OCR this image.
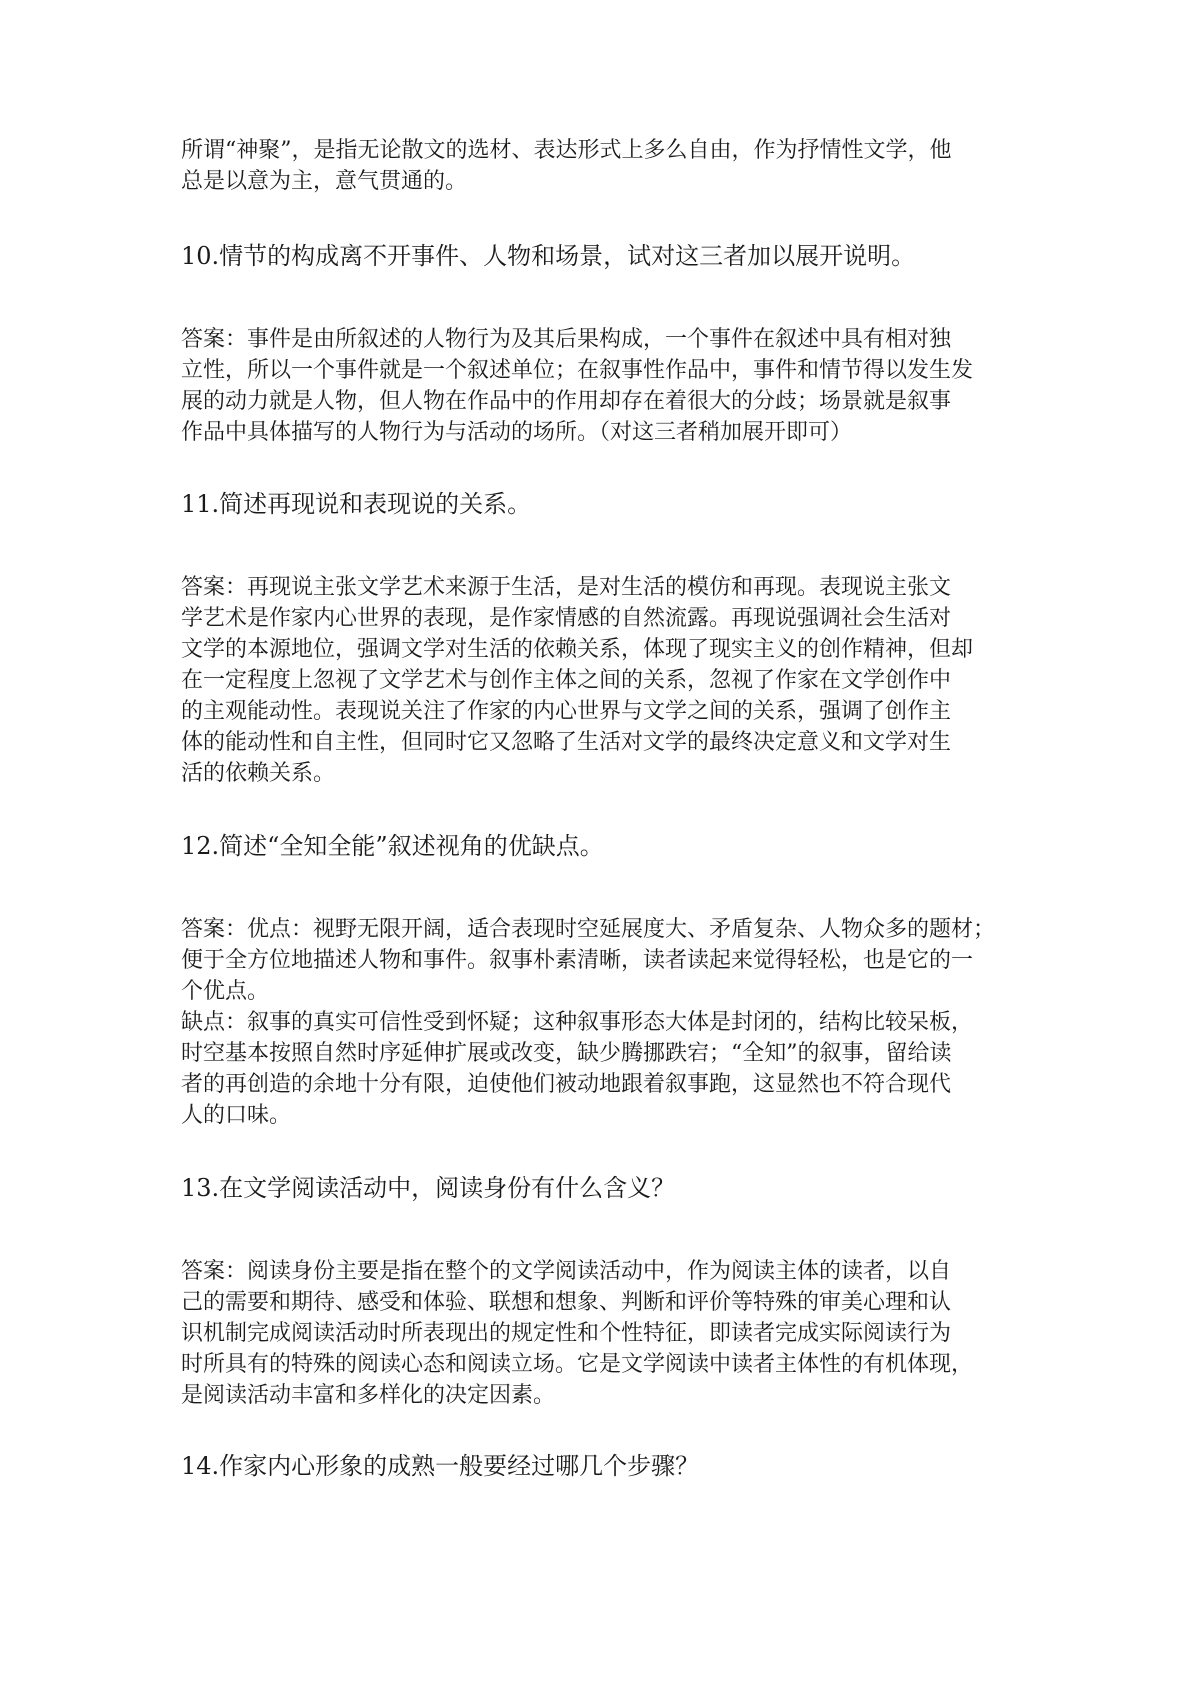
所谓“神聚”，是指无论散文的选材、表达形式上多么自由，作为抒情性文学，他
总是以意为主，意气贯通的。
10.情节的构成离不开事件、人物和场景，试对这三者加以展开说明。
答案：事件是由所叙述的人物行为及其后果构成，一个事件在叙述中具有相对独
立性，所以一个事件就是一个叙述单位；在叙事性作品中，事件和情节得以发生发
展的动力就是人物，但人物在作品中的作用却存在着很大的分歧；场景就是叙事
作品中具体描写的人物行为与活动的场所。（对这三者稍加展开即可）
11.简述再现说和表现说的关系。
答案：再现说主张文学艺术来源于生活，是对生活的模仿和再现。表现说主张文
学艺术是作家内心世界的表现，是作家情感的自然流露。再现说强调社会生活对
文学的本源地位，强调文学对生活的依赖关系，体现了现实主义的创作精神，但却
在一定程度上忽视了文学艺术与创作主体之间的关系，忽视了作家在文学创作中
的主观能动性。表现说关注了作家的内心世界与文学之间的关系，强调了创作主
体的能动性和自主性，但同时它又忽略了生活对文学的最终决定意义和文学对生
活的依赖关系。
12.简述“全知全能”叙述视角的优缺点。
答案：优点：视野无限开阔，适合表现时空延展度大、矛盾复杂、人物众多的题材；
便于全方位地描述人物和事件。叙事朴素清晰，读者读起来觉得轻松，也是它的一
个优点。
缺点：叙事的真实可信性受到怀疑；这种叙事形态大体是封闭的，结构比较呆板，
时空基本按照自然时序延伸扩展或改变，缺少腾挪跌宕；“全知”的叙事，留给读
者的再创造的余地十分有限，迫使他们被动地跟着叙事跑，这显然也不符合现代
人的口味。
13.在文学阅读活动中，阅读身份有什么含义？
答案：阅读身份主要是指在整个的文学阅读活动中，作为阅读主体的读者，以自
己的需要和期待、感受和体验、联想和想象、判断和评价等特殊的审美心理和认
识机制完成阅读活动时所表现出的规定性和个性特征，即读者完成实际阅读行为
时所具有的特殊的阅读心态和阅读立场。它是文学阅读中读者主体性的有机体现，
是阅读活动丰富和多样化的决定因素。
14.作家内心形象的成熟一般要经过哪几个步骤？
